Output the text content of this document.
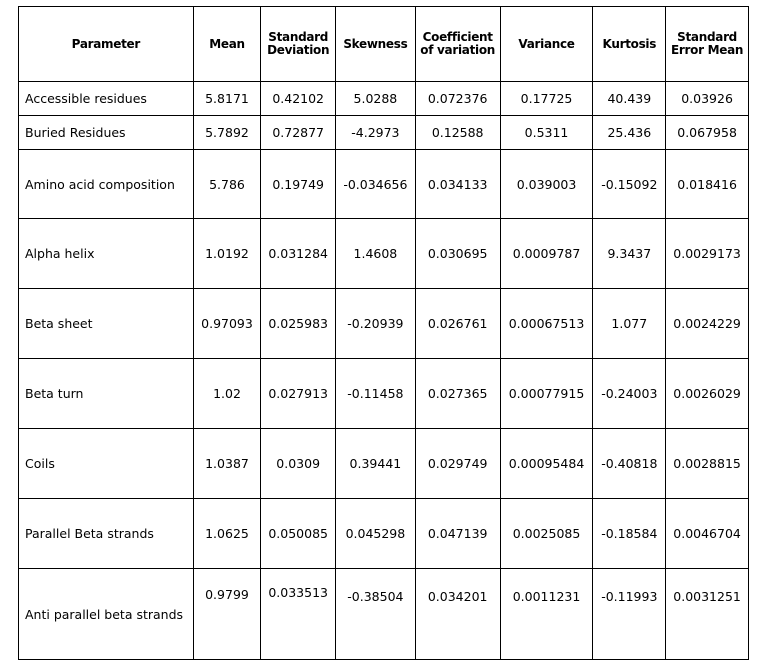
Parameter	Mean	Standard Deviation	Skewness	Coefficient of variation	Variance	Kurtosis	Standard Error Mean
Accessible residues	5.8171	0.42102	5.0288	0.072376	0.17725	40.439	0.03926
Buried Residues	5.7892	0.72877	-4.2973	0.12588	0.5311	25.436	0.067958
Amino acid composition	5.786	0.19749	-0.034656	0.034133	0.039003	-0.15092	0.018416
Alpha helix	1.0192	0.031284	1.4608	0.030695	0.0009787	9.3437	0.0029173
Beta sheet	0.97093	0.025983	-0.20939	0.026761	0.00067513	1.077	0.0024229
Beta turn	1.02	0.027913	-0.11458	0.027365	0.00077915	-0.24003	0.0026029
Coils	1.0387	0.0309	0.39441	0.029749	0.00095484	-0.40818	0.0028815
Parallel Beta strands	1.0625	0.050085	0.045298	0.047139	0.0025085	-0.18584	0.0046704
Anti parallel beta strands	0.9799	0.033513	-0.38504	0.034201	0.0011231	-0.11993	0.0031251
